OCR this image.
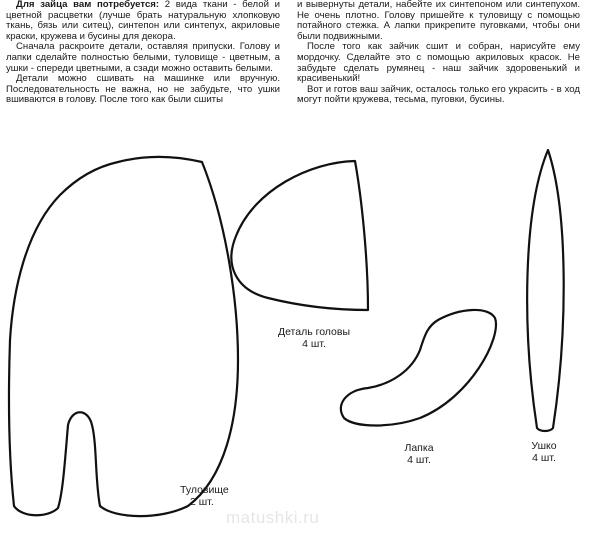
Для зайца вам потребуется: 2 вида ткани - белой и цветной расцветки (лучше брать натуральную хлопковую ткань, бязь или ситец), синтепон или синтепух, акриловые краски, кружева и бусины для декора.

Сначала раскроите детали, оставляя припуски. Голову и лапки сделайте полностью белыми, туловище - цветным, а ушки - спереди цветными, а сзади можно оставить белыми.

Детали можно сшивать на машинке или вручную. Последовательность не важна, но не забудьте, что ушки вшиваются в голову. После того как были сшиты

и вывернуты детали, набейте их синтепоном или синтепухом. Не очень плотно. Голову пришейте к туловищу с помощью потайного стежка. А лапки прикрепите пуговками, чтобы они были подвижными.

После того как зайчик сшит и собран, нарисуйте ему мордочку. Сделайте это с помощью акриловых красок. Не забудьте сделать румянец - наш зайчик здоровенький и красивенький!

Вот и готов ваш зайчик, осталось только его украсить - в ход могут пойти кружева, тесьма, пуговки, бусины.

Деталь головы
4 шт.
Лапка
4 шт.
Ушко
4 шт.
Туловище
2 шт.
matushki.ru
